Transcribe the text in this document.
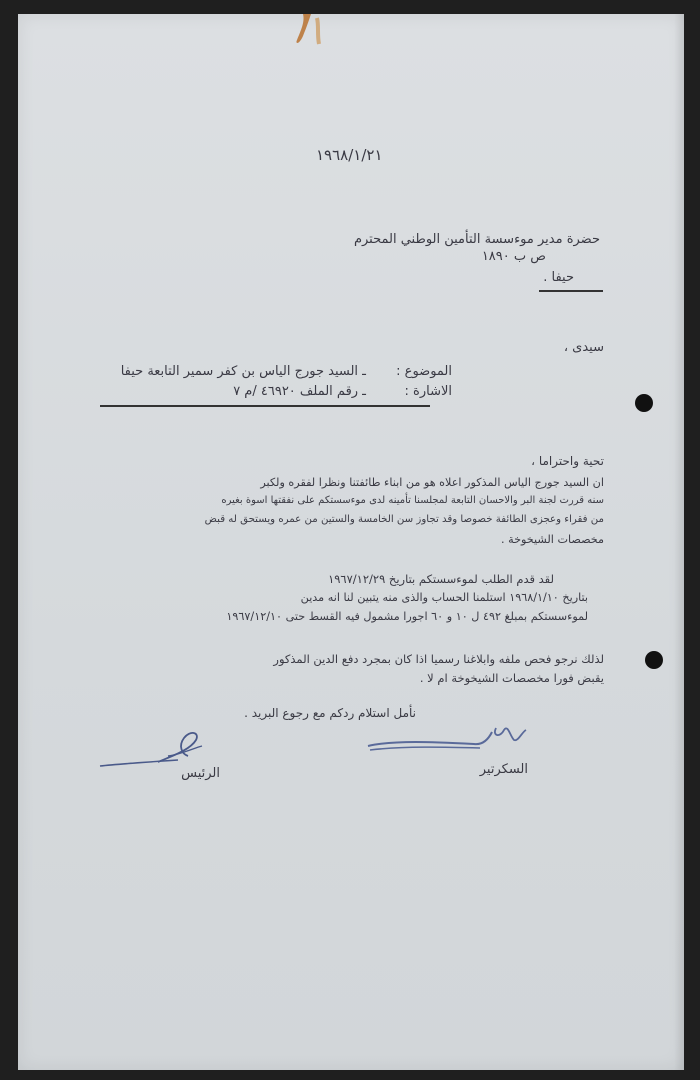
١٩٦٨/١/٢١
حضرة مدير موءسسة التأمين الوطني المحترم
ص ب ١٨٩٠
حيفا .
سيدى ،
الموضوع :
ـ السيد جورج الياس بن كفر سمير التابعة حيفا
الاشارة :
ـ رقم الملف ٤٦٩٢٠ /م ٧
تحية واحتراما ،
ان السيد جورج الياس المذكور اعلاه هو من ابناء طائفتنا ونظرا لفقره ولكبر
سنه قررت لجنة البر والاحسان التابعة لمجلسنا تأمينه لدى موءسستكم على نفقتها اسوة بغيره
من فقراء وعجزى الطائفة خصوصا وقد تجاوز سن الخامسة والستين من عمره ويستحق له قبض
مخصصات الشيخوخة .
لقد قدم الطلب لموءسستكم بتاريخ ١٩٦٧/١٢/٢٩
بتاريخ ١٩٦٨/١/١٠ استلمنا الحساب والذى منه يتبين لنا انه مدين
لموءسستكم بمبلغ ٤٩٢ ل ١٠ و ٦٠ اجورا مشمول فيه القسط حتى ١٩٦٧/١٢/١٠
لذلك نرجو فحص ملفه وابلاغنا رسميا اذا كان بمجرد دفع الدين المذكور
يقبض فورا مخصصات الشيخوخة ام لا .
نأمل استلام ردكم مع رجوع البريد .
السكرتير
الرئيس
